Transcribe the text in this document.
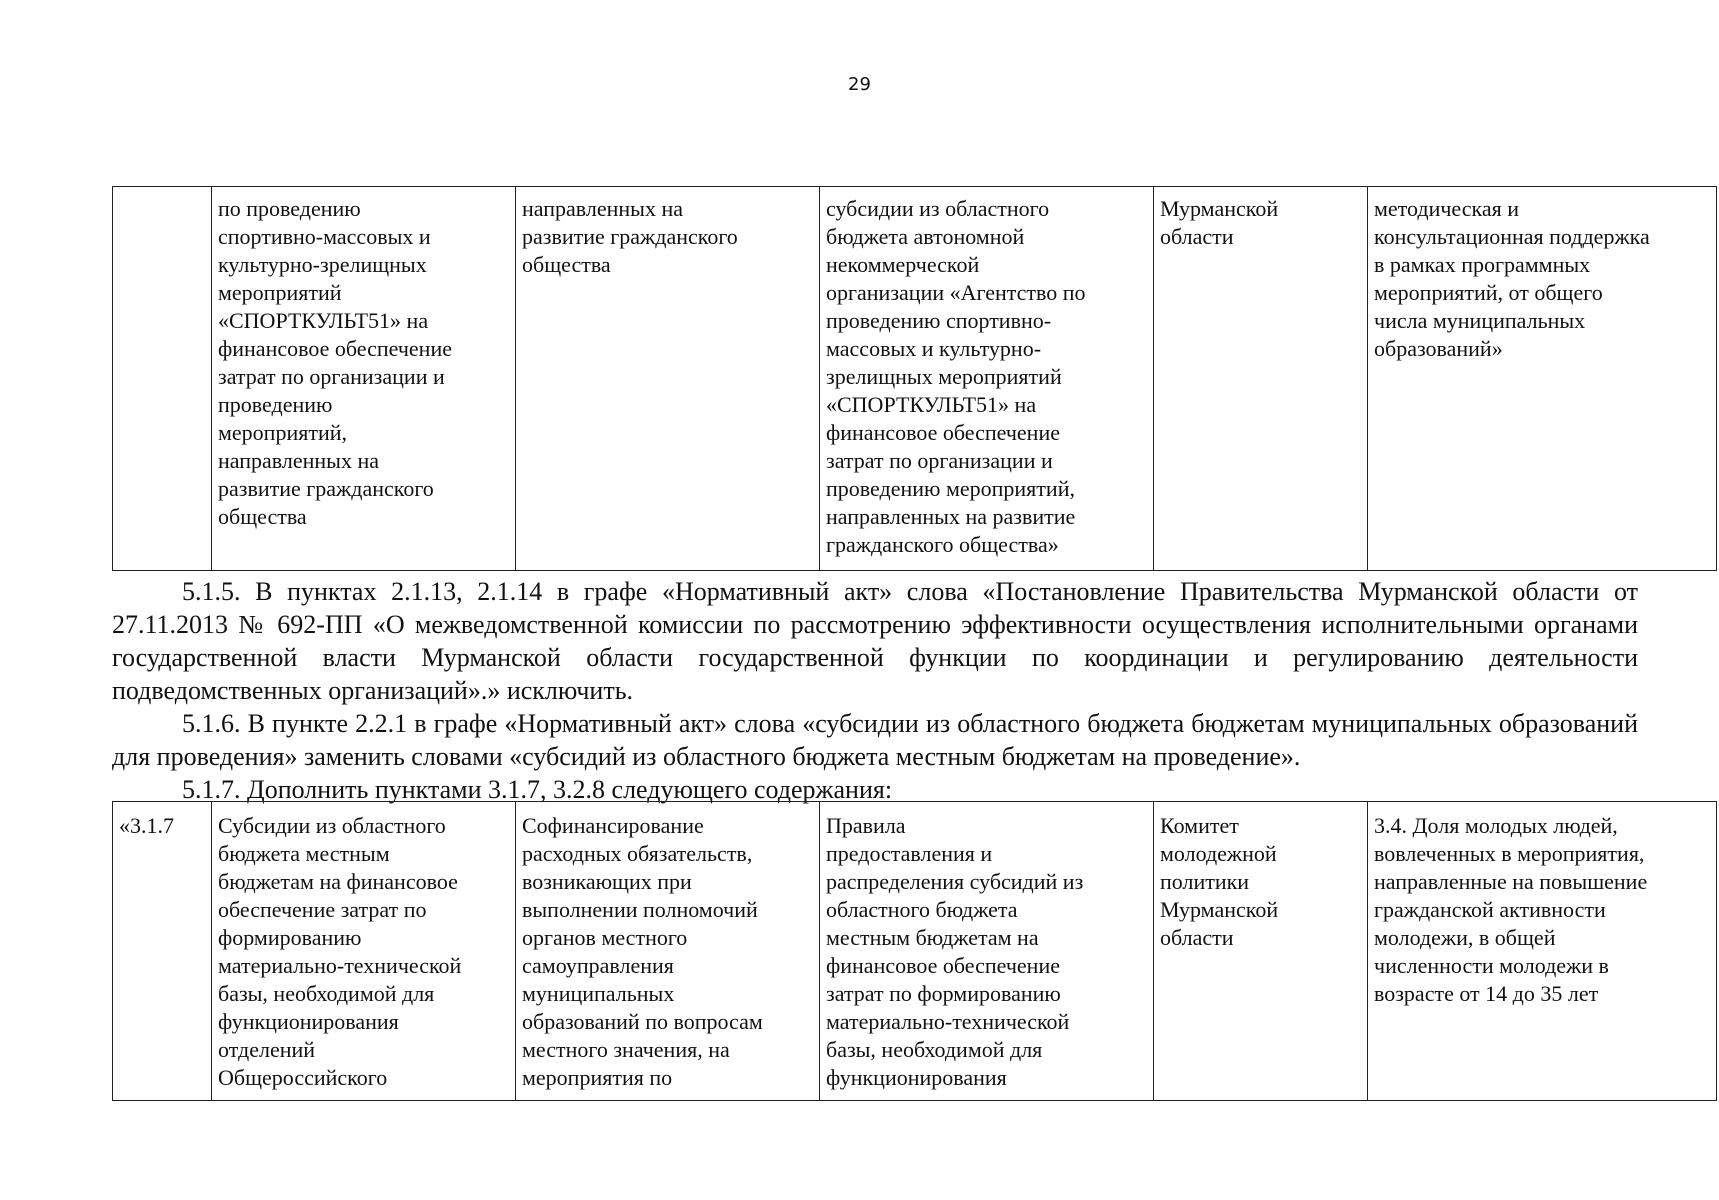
29
	по проведению
спортивно-массовых и
культурно-зрелищных
мероприятий
«СПОРТКУЛЬТ51» на
финансовое обеспечение
затрат по организации и
проведению
мероприятий,
направленных на
развитие гражданского
общества	направленных на
развитие гражданского
общества	субсидии из областного
бюджета автономной
некоммерческой
организации «Агентство по
проведению спортивно-
массовых и культурно-
зрелищных мероприятий
«СПОРТКУЛЬТ51» на
финансовое обеспечение
затрат по организации и
проведению мероприятий,
направленных на развитие
гражданского общества»	Мурманской
области	методическая и
консультационная поддержка
в рамках программных
мероприятий, от общего
числа муниципальных
образований»

5.1.5. В пунктах 2.1.13, 2.1.14 в графе «Нормативный акт» слова «Постановление Правительства Мурманской области от 27.11.2013 № 692-ПП «О межведомственной комиссии по рассмотрению эффективности осуществления исполнительными органами государственной власти Мурманской области государственной функции по координации и регулированию деятельности подведомственных организаций».» исключить.

5.1.6. В пункте 2.2.1 в графе «Нормативный акт» слова «субсидии из областного бюджета бюджетам муниципальных образований для проведения» заменить словами «субсидий из областного бюджета местным бюджетам на проведение».

5.1.7. Дополнить пунктами 3.1.7, 3.2.8 следующего содержания:

«3.1.7	Субсидии из областного
бюджета местным
бюджетам на финансовое
обеспечение затрат по
формированию
материально-технической
базы, необходимой для
функционирования
отделений
Общероссийского	Софинансирование
расходных обязательств,
возникающих при
выполнении полномочий
органов местного
самоуправления
муниципальных
образований по вопросам
местного значения, на
мероприятия по	Правила
предоставления и
распределения субсидий из
областного бюджета
местным бюджетам на
финансовое обеспечение
затрат по формированию
материально-технической
базы, необходимой для
функционирования	Комитет
молодежной
политики
Мурманской
области	3.4. Доля молодых людей,
вовлеченных в мероприятия,
направленные на повышение
гражданской активности
молодежи, в общей
численности молодежи в
возрасте от 14 до 35 лет
